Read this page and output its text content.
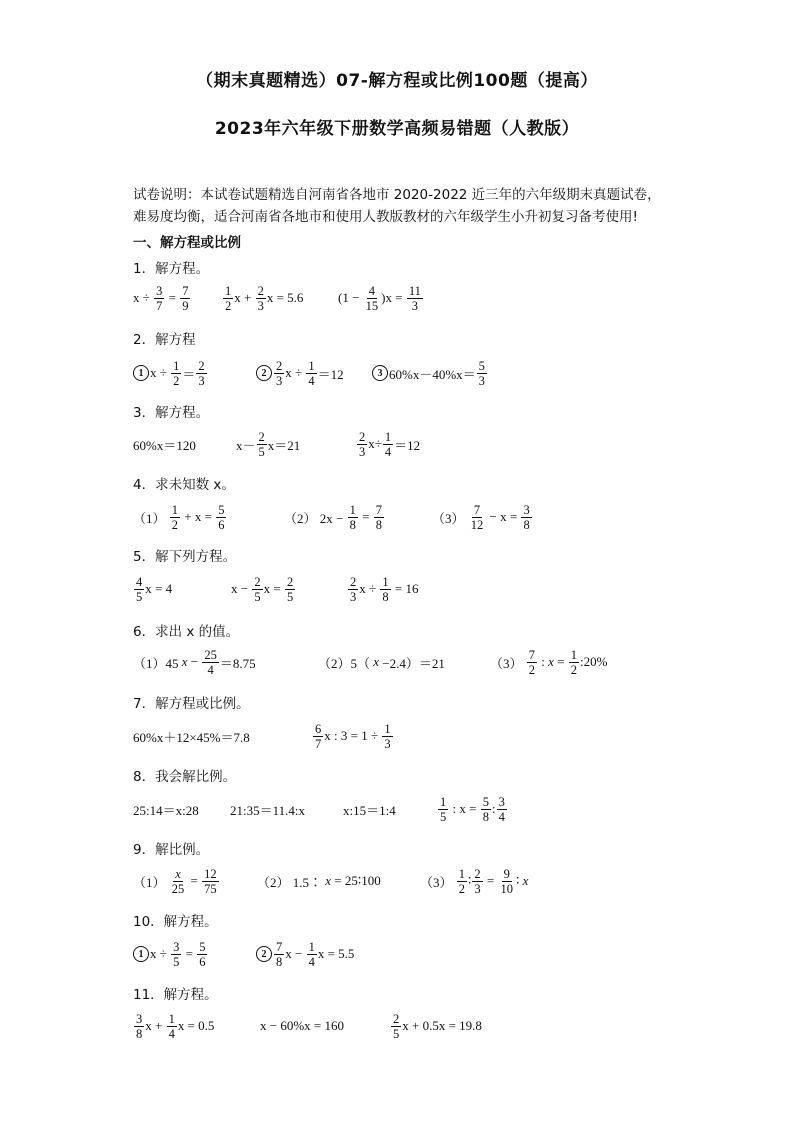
（期末真题精选）07-解方程或比例100题（提高）
2023年六年级下册数学高频易错题（人教版）
试卷说明：本试卷试题精选自河南省各地市 2020-2022 近三年的六年级期末真题试卷，
难易度均衡，适合河南省各地市和使用人教版教材的六年级学生小升初复习备考使用!
一、解方程或比例
1．解方程。
$x \div \frac{3}{7} = \frac{7}{9}$	$\frac{1}{2}$ $x + \frac{2}{3}$ x = 5.6	$(1 - \frac{4}{15} )x = \frac{11}{3}$
2．解方程
1 $x \div \frac{1}{2} = \frac{2}{3}$	$2 \frac{2}{3}$ $x \div \frac{1}{4} =12$	3 $60\%x-40\%x= \frac{5}{3}$
3．解方程。
60%x＝120	$x- \frac{2}{5} x=21$	$\frac{2}{3} x\div \frac{1}{4} =12$
4．求未知数 x。
$(1) \frac{1}{2} + x = \frac{5}{6}$	（2） $2x - \frac{1}{8} = \frac{7}{8}$	$(3) \frac{7}{12} - x = \frac{3}{8}$
5．解下列方程。
$\frac{4}{5}$ x = 4	$x - \frac{2}{5}$ $x = \frac{2}{5}$	$\frac{2}{3}$ $x \div \frac{1}{8} = 16$
6．求出 x 的值。
（1）45 $x - \frac{25}{4} =8.75$	（2）5（ x −2.4）＝21	$(3) \frac{7}{2}$ : $x = \frac{1}{2}$ :20%
7．解方程或比例。
60%x＋12×45%＝7.8	$\frac{6}{7}$ x : $3 = 1 \div \frac{1}{3}$
8．我会解比例。
25:14＝x:28 21:35＝11.4:x	x:15＝1:4	$\frac{1}{5}$ : $x = \frac{5}{8}$ : $\frac{3}{4}$
9．解比例。
$(1) \frac{x}{25} = \frac{12}{75}$	（2） 1.5∶ x = 25∶100	$(3) \frac{1}{2}$ ∶ $\frac{2}{3} = \frac{9}{10}$ ∶ x
10．解方程。
1 $x \div \frac{3}{5} = \frac{5}{6}$	$2 \frac{7}{8}$ $x - \frac{1}{4}$ x = 5.5
11．解方程。
$\frac{3}{8}$ $x + \frac{1}{4}$ x = 0.5	x − 60%x = 160	$\frac{2}{5}$ x + 0.5x = 19.8
